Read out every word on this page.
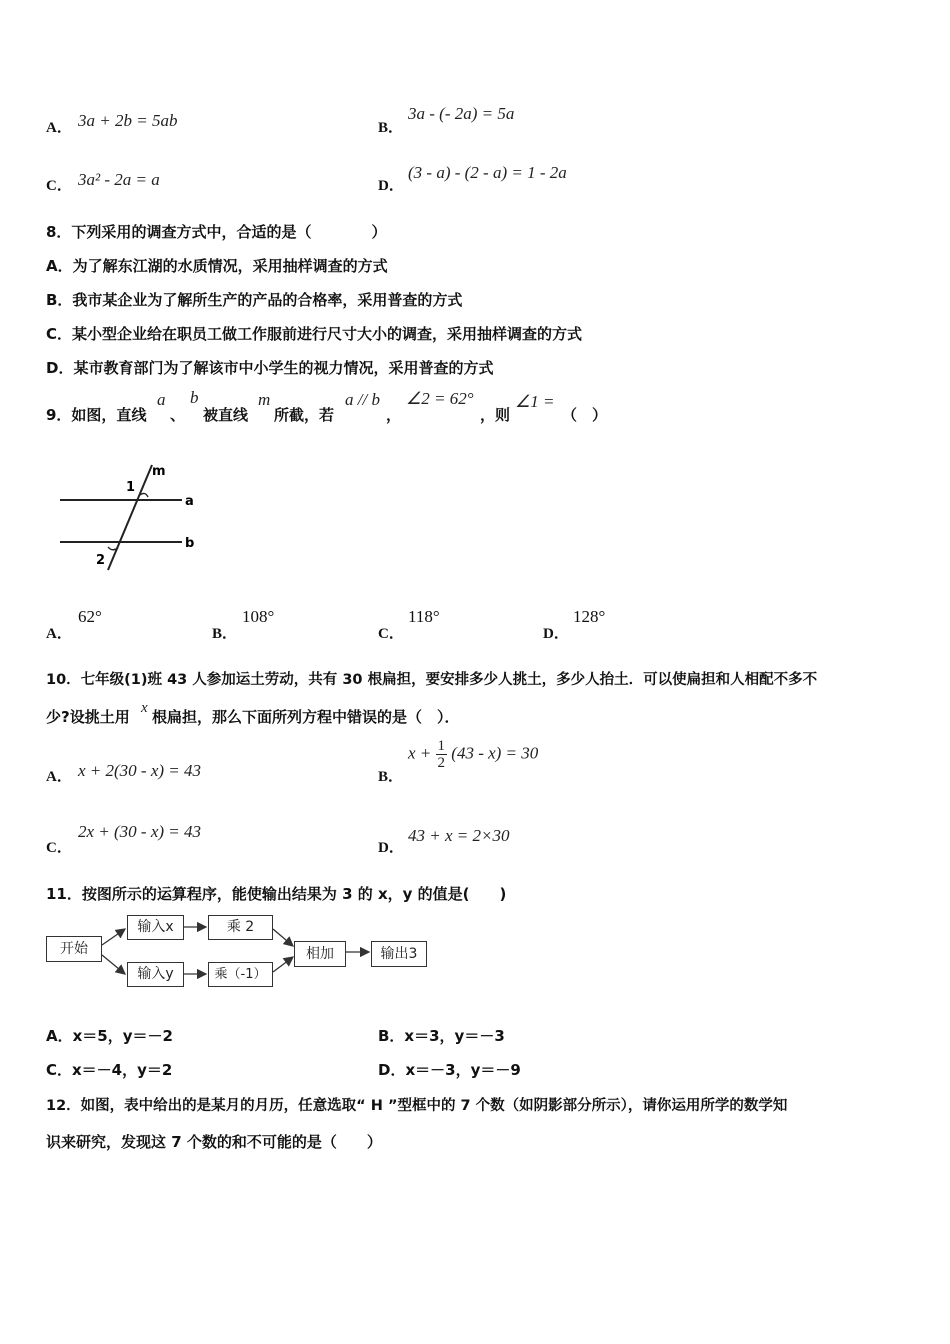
A． 3a + 2b = 5ab	B．
3a - (- 2a) = 5a
C． 3a² - 2a = a	D．
(3 - a) - (2 - a) = 1 - 2a
8．下列采用的调查方式中，合适的是（　　　　）
A．为了解东江湖的水质情况，采用抽样调查的方式
B．我市某企业为了解所生产的产品的合格率，采用普查的方式
C．某小型企业给在职员工做工作服前进行尺寸大小的调查，采用抽样调查的方式
D．某市教育部门为了解该市中小学生的视力情况，采用普查的方式
9．如图，直线
a
、
b
被直线
m
所截，若
a // b
，
∠2 = 62°
，则
∠1 =
（　）
m
1
a
b
2
A．
62°
B．
108°
C．
118°
D．
128°
10．七年级(1)班 43 人参加运土劳动，共有 30 根扁担，要安排多少人挑土，多少人抬土．可以使扁担和人相配不多不
少?设挑土用 x 根扁担，那么下面所列方程中错误的是（　）．
A． x + 2(30 - x) = 43	B．
$x + \frac{1}{2} (43 - x) = 30$
C．
2x + (30 - x) = 43
D．
43 + x = 2×30
11．按图所示的运算程序，能使输出结果为 3 的 x，y 的值是(　　)
开始
输入x
输入y
乘 2
乘（-1）
相加	输出3
A．x＝5，y＝－2	B．x＝3，y＝－3
C．x＝－4，y＝2	D．x＝－3，y＝－9
12．如图，表中给出的是某月的月历，任意选取“ H ”型框中的 7 个数（如阴影部分所示），请你运用所学的数学知
识来研究，发现这 7 个数的和不可能的是（　　）
